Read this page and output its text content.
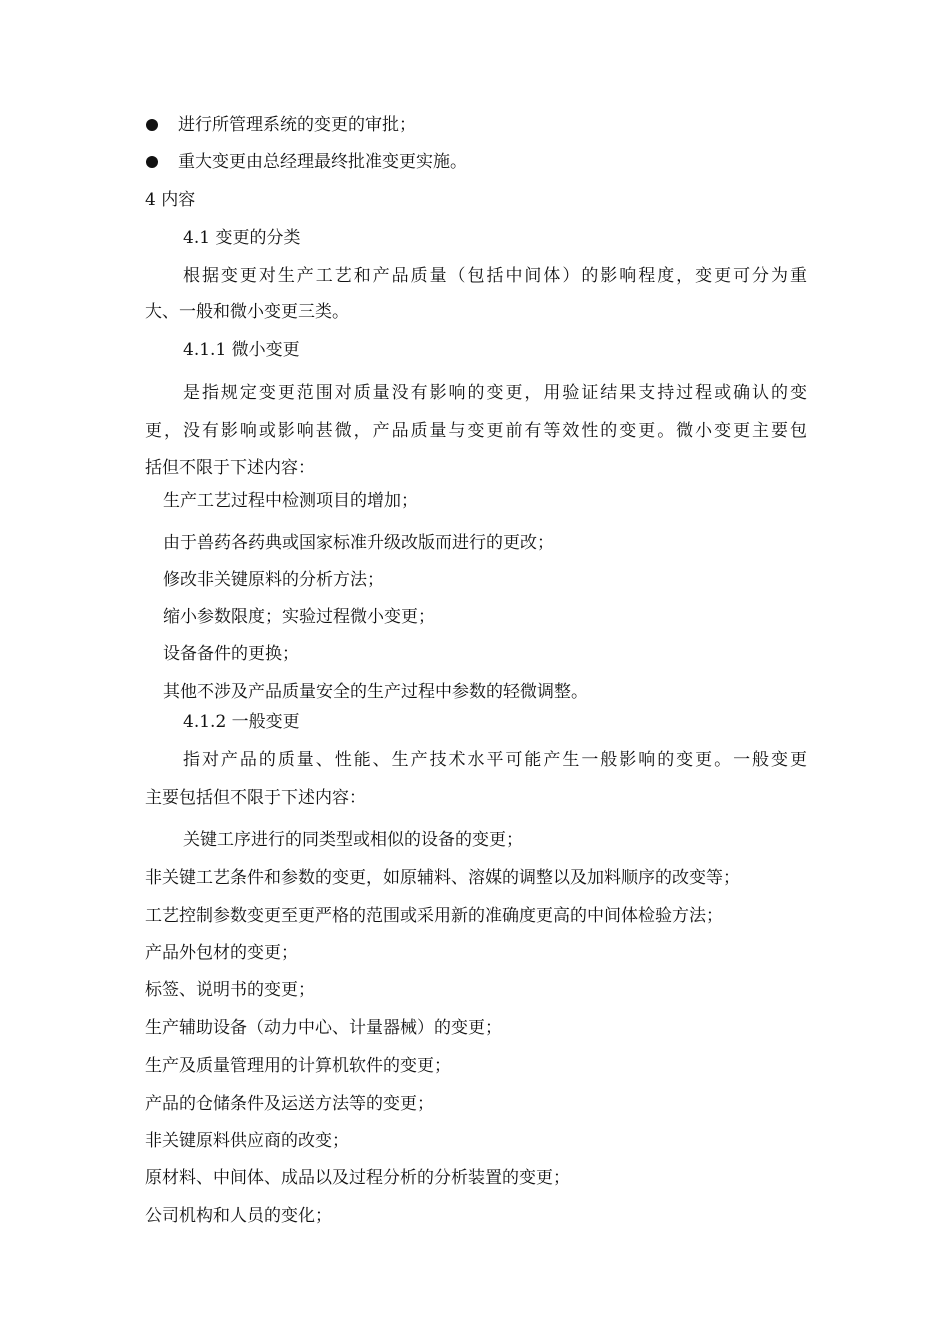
进行所管理系统的变更的审批；
重大变更由总经理最终批准变更实施。
4 内容
4.1 变更的分类
根据变更对生产工艺和产品质量（包括中间体）的影响程度，变更可分为重
大、一般和微小变更三类。
4.1.1 微小变更
是指规定变更范围对质量没有影响的变更，用验证结果支持过程或确认的变
更，没有影响或影响甚微，产品质量与变更前有等效性的变更。微小变更主要包
括但不限于下述内容：
生产工艺过程中检测项目的增加；
由于兽药各药典或国家标准升级改版而进行的更改；
修改非关键原料的分析方法；
缩小参数限度；实验过程微小变更；
设备备件的更换；
其他不涉及产品质量安全的生产过程中参数的轻微调整。
4.1.2 一般变更
指对产品的质量、性能、生产技术水平可能产生一般影响的变更。一般变更
主要包括但不限于下述内容：
关键工序进行的同类型或相似的设备的变更；
非关键工艺条件和参数的变更，如原辅料、溶媒的调整以及加料顺序的改变等；
工艺控制参数变更至更严格的范围或采用新的准确度更高的中间体检验方法；
产品外包材的变更；
标签、说明书的变更；
生产辅助设备（动力中心、计量器械）的变更；
生产及质量管理用的计算机软件的变更；
产品的仓储条件及运送方法等的变更；
非关键原料供应商的改变；
原材料、中间体、成品以及过程分析的分析装置的变更；
公司机构和人员的变化；
